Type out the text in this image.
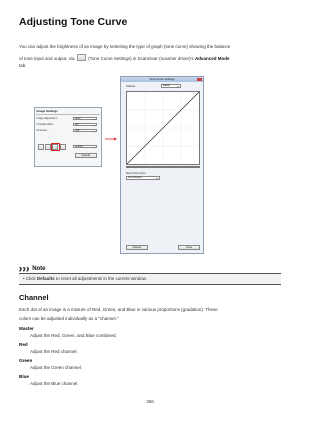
Adjusting Tone Curve
You can adjust the brightness of an image by selecting the type of graph (tone curve) showing the balance
of tone input and output, via	(Tone Curve Settings) in ScanGear (scanner driver)'s Advanced Mode
tab.
Image Settings
Image Adjustment :	None
Unsharp Mask :	ON
Descreen :	OFF
Custom
Defaults
Tone Curve Settings
Channel :	Master
Select Tone Curve :
No correction
Defaults	Close
Note
• Click Defaults to reset all adjustments in the current window.
Channel
Each dot of an image is a mixture of Red, Green, and Blue in various proportions (gradation). These
colors can be adjusted individually as a "channel."
Master
Adjust the Red, Green, and Blue combined.
Red
Adjust the Red channel.
Green
Adjust the Green channel.
Blue
Adjust the Blue channel.
356
